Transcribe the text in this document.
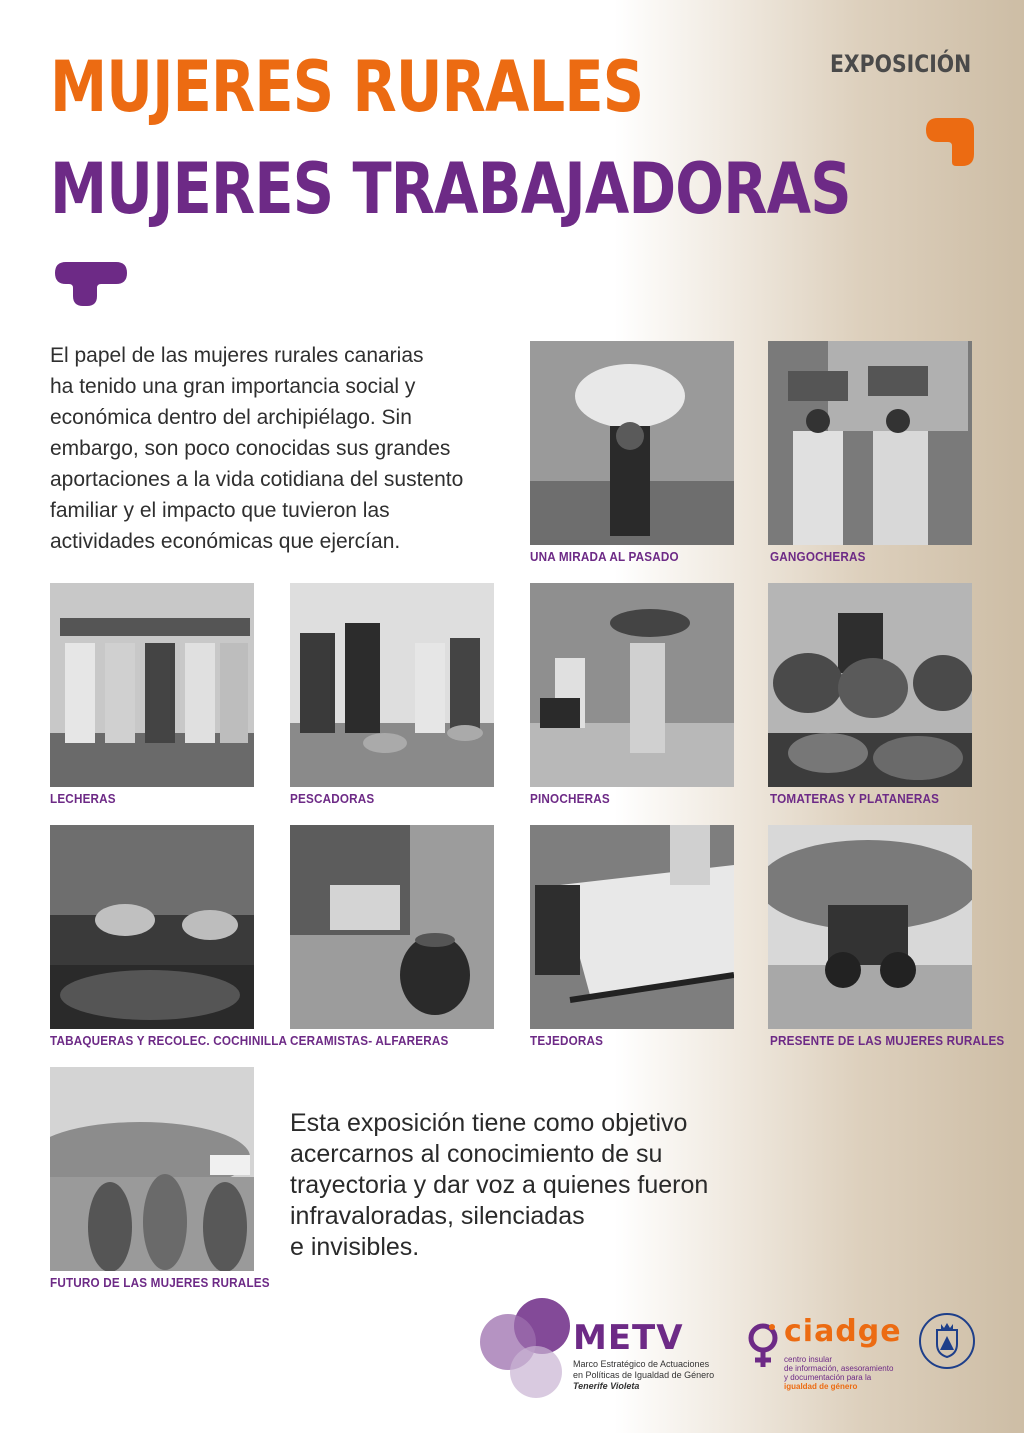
MUJERES RURALES
MUJERES TRABAJADORAS
EXPOSICIÓN
El papel de las mujeres rurales canarias
ha tenido una gran importancia social y
económica dentro del archipiélago. Sin
embargo, son poco conocidas sus grandes
aportaciones a la vida cotidiana del sustento
familiar y el impacto que tuvieron las
actividades económicas que ejercían.
UNA MIRADA AL PASADO	GANGOCHERAS
LECHERAS	PESCADORAS	PINOCHERAS	TOMATERAS Y PLATANERAS
TABAQUERAS Y RECOLEC. COCHINILLA CERAMISTAS- ALFARERAS	TEJEDORAS	PRESENTE DE LAS MUJERES RURALES
FUTURO DE LAS MUJERES RURALES
Esta exposición tiene como objetivo
acercarnos al conocimiento de su
trayectoria y dar voz a quienes fueron
infravaloradas, silenciadas
e invisibles.
METV
Marco Estratégico de Actuaciones
en Políticas de Igualdad de Género
Tenerife Violeta
ciadge
centro insular
de información, asesoramiento
y documentación para la
igualdad de género
